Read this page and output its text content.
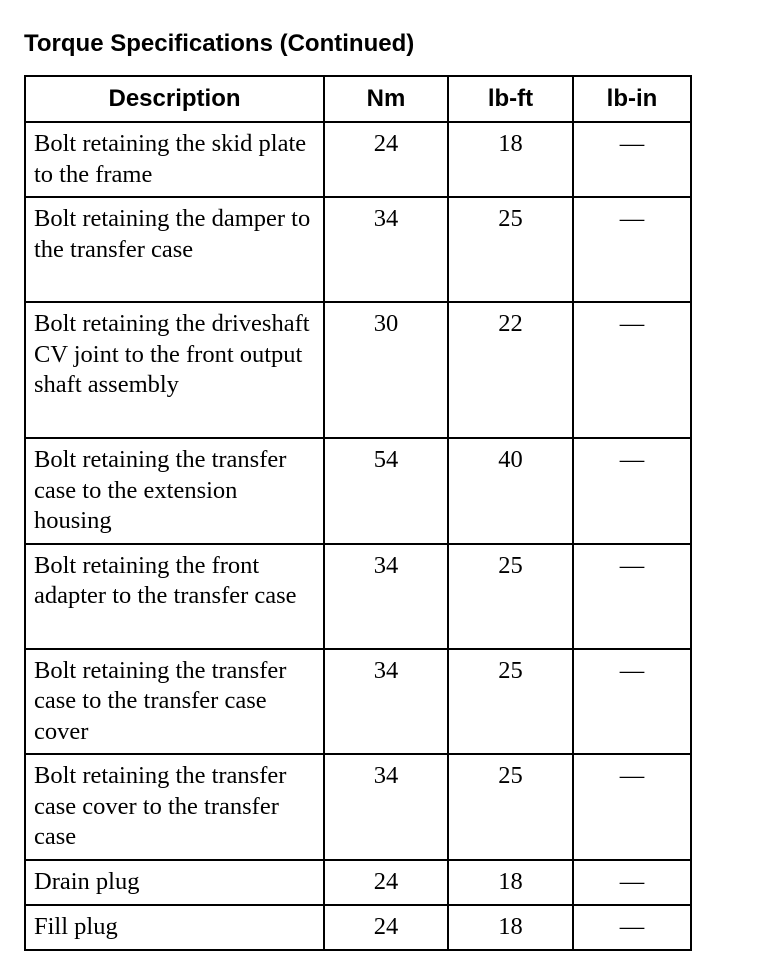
Torque Specifications (Continued)
Description	Nm	lb-ft	lb-in
Bolt retaining the skid plate to the frame	24	18	—
Bolt retaining the damper to the transfer case	34	25	—
Bolt retaining the driveshaft CV joint to the front output shaft assembly	30	22	—
Bolt retaining the transfer case to the extension housing	54	40	—
Bolt retaining the front adapter to the transfer case	34	25	—
Bolt retaining the transfer case to the transfer case cover	34	25	—
Bolt retaining the transfer case cover to the transfer case	34	25	—
Drain plug	24	18	—
Fill plug	24	18	—
